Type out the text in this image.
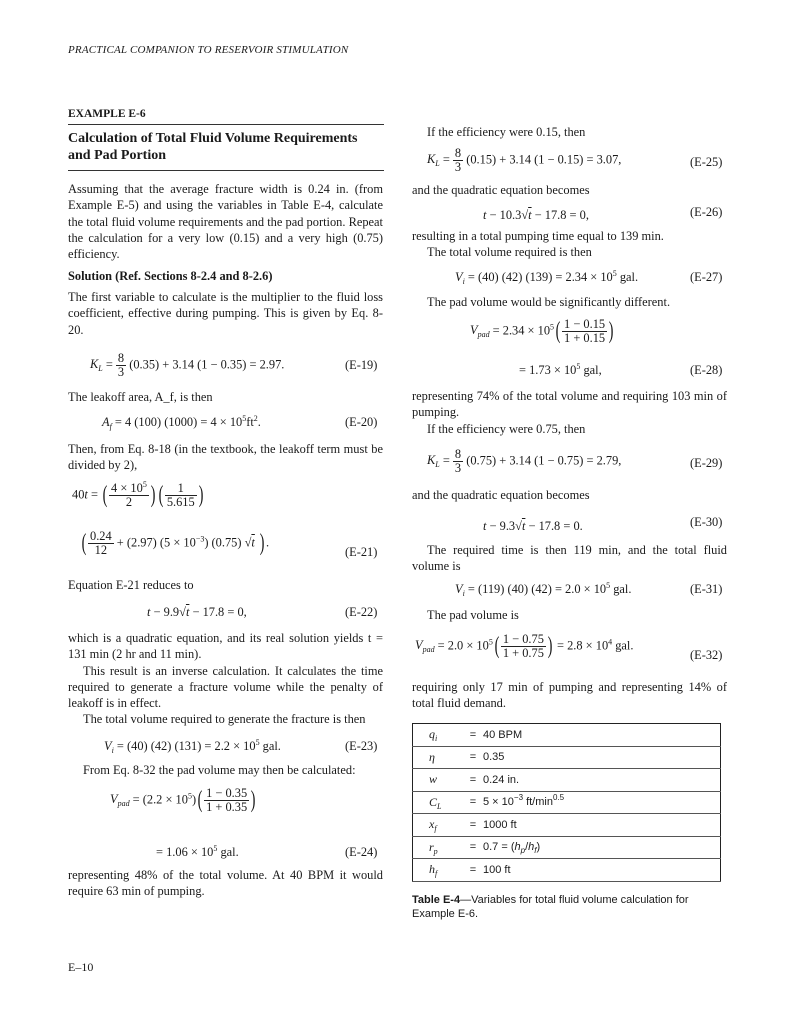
PRACTICAL COMPANION TO RESERVOIR STIMULATION
EXAMPLE E-6
Calculation of Total Fluid Volume Requirements and Pad Portion
Assuming that the average fracture width is 0.24 in. (from Example E-5) and using the variables in Table E-4, calculate the total fluid volume requirements and the pad portion. Repeat the calculation for a very low (0.15) and a very high (0.75) efficiency.
Solution (Ref. Sections 8-2.4 and 8-2.6)
The first variable to calculate is the multiplier to the fluid loss coefficient, effective during pumping. This is given by Eq. 8-20.
$K_L = \frac{8}{3} (0.35) + 3.14$ (1 − 0.35) = 2.97.	(E-19)
The leakoff area, A_f, is then
$A_f = 4$ (100) $(1000) = 4 \times 10^5ft^2$.	(E-20)
Then, from Eq. 8-18 (in the textbook, the leakoff term must be divided by 2),
40t = ( $\frac{4 \times 10^5}{2}$ ) ( $\frac{1}{5.615}$ )
( $\frac{0.24}{12} + (2.97) (5 \times 10^{-3})$ (0.75) √t ) .
(E-21)
Equation E-21 reduces to
t − 9.9√t − 17.8 = 0,	(E-22)

which is a quadratic equation, and its real solution yields t = 131 min (2 hr and 11 min).

This result is an inverse calculation. It calculates the time required to generate a fracture volume while the penalty of leakoff is in effect.

The total volume required to generate the fracture is then

$V_i = (40)$ (42) $(131) = 2.2 \times 10^5$ gal.	(E-23)
From Eq. 8-32 the pad volume may then be calculated:
$V_{pad} = (2.2 \times 10^5)( \frac{1 - 0.35}{1 + 0.35}$ )
= $1.06 \times 10^5$ gal.	(E-24)
representing 48% of the total volume. At 40 BPM it would require 63 min of pumping.
If the efficiency were 0.15, then
$K_L = \frac{8}{3} (0.15) + 3.14$ (1 − 0.15) = 3.07,	(E-25)
and the quadratic equation becomes
t − 10.3√t − 17.8 = 0,	(E-26)

resulting in a total pumping time equal to 139 min.

The total volume required is then

$V_i = (40)$ (42) $(139) = 2.34 \times 10^5$ gal.	(E-27)
The pad volume would be significantly different.
$V_{pad} = 2.34 \times 10^5( \frac{1 - 0.15}{1 + 0.15}$ )
= $1.73 \times 10^5$ gal,	(E-28)

representing 74% of the total volume and requiring 103 min of pumping.

If the efficiency were 0.75, then

$K_L = \frac{8}{3} (0.75) + 3.14$ (1 − 0.75) = 2.79,	(E-29)
and the quadratic equation becomes
t − 9.3√t − 17.8 = 0.	(E-30)
The required time is then 119 min, and the total fluid volume is
$V_i = (119)$ (40) $(42) = 2.0 \times 10^5$ gal.	(E-31)
The pad volume is
$V_{pad} = 2.0 \times 10^5( \frac{1 - 0.75}{1 + 0.75}$ ) = $2.8 \times 10^4$ gal.
(E-32)
requiring only 17 min of pumping and representing 14% of total fluid demand.
$q_i$	=	40 BPM
η	=	0.35
w	=	0.24 in.
$C_L$	=	$5 \times 10^{-3}$ $ft/\min^{0.5}$
$x_f$	=	1000 ft
$r_p$	=	$0.7 = (h_p/h_f)$
$h_f$	=	100 ft
Table E-4—Variables for total fluid volume calculation for Example E-6.
E–10
